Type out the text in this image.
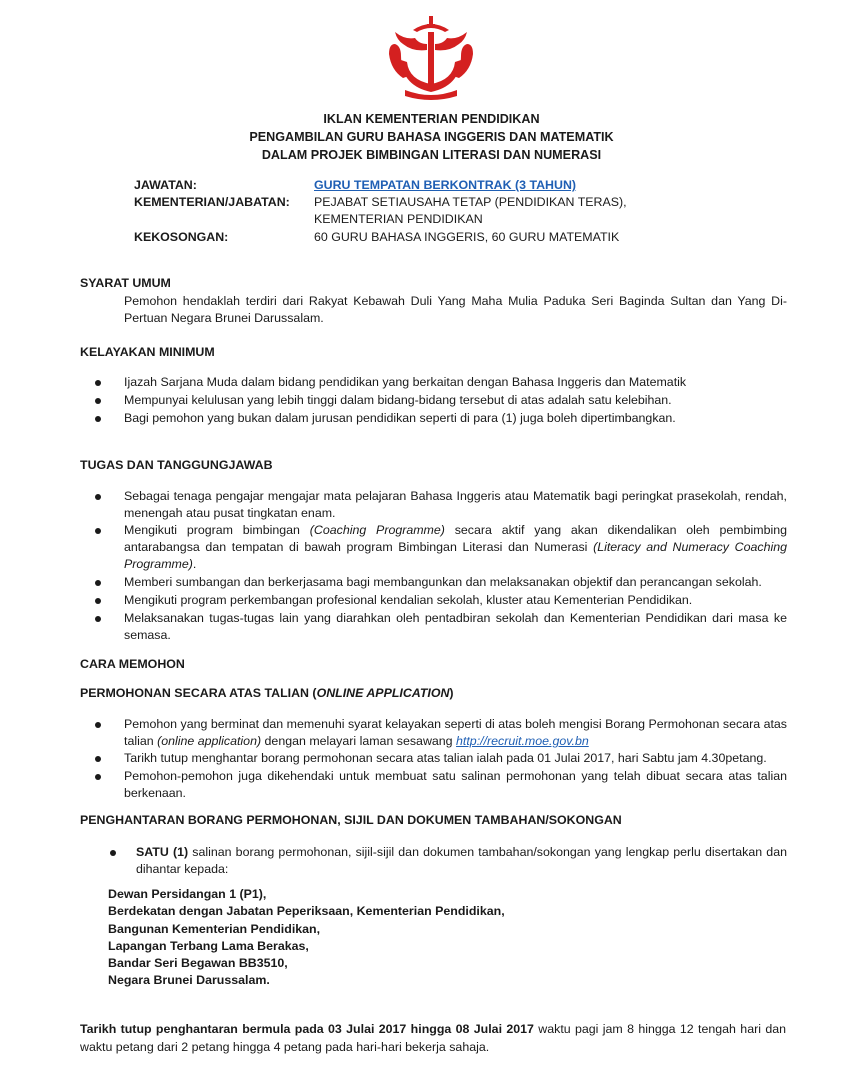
IKLAN KEMENTERIAN PENDIDIKAN
PENGAMBILAN GURU BAHASA INGGERIS DAN MATEMATIK
DALAM PROJEK BIMBINGAN LITERASI DAN NUMERASI
JAWATAN:	GURU TEMPATAN BERKONTRAK (3 TAHUN)
KEMENTERIAN/JABATAN: PEJABAT SETIAUSAHA TETAP (PENDIDIKAN TERAS),
KEMENTERIAN PENDIDIKAN
KEKOSONGAN:	60 GURU BAHASA INGGERIS, 60 GURU MATEMATIK
SYARAT UMUM
Pemohon hendaklah terdiri dari Rakyat Kebawah Duli Yang Maha Mulia Paduka Seri Baginda Sultan dan Yang Di-Pertuan Negara Brunei Darussalam.
KELAYAKAN MINIMUM
Ijazah Sarjana Muda dalam bidang pendidikan yang berkaitan dengan Bahasa Inggeris dan Matematik
Mempunyai kelulusan yang lebih tinggi dalam bidang-bidang tersebut di atas adalah satu kelebihan.
Bagi pemohon yang bukan dalam jurusan pendidikan seperti di para (1) juga boleh dipertimbangkan.
TUGAS DAN TANGGUNGJAWAB
Sebagai tenaga pengajar mengajar mata pelajaran Bahasa Inggeris atau Matematik bagi peringkat prasekolah, rendah, menengah atau pusat tingkatan enam.
Mengikuti program bimbingan (Coaching Programme) secara aktif yang akan dikendalikan oleh pembimbing antarabangsa dan tempatan di bawah program Bimbingan Literasi dan Numerasi (Literacy and Numeracy Coaching Programme).
Memberi sumbangan dan berkerjasama bagi membangunkan dan melaksanakan objektif dan perancangan sekolah.
Mengikuti program perkembangan profesional kendalian sekolah, kluster atau Kementerian Pendidikan.
Melaksanakan tugas-tugas lain yang diarahkan oleh pentadbiran sekolah dan Kementerian Pendidikan dari masa ke semasa.
CARA MEMOHON
PERMOHONAN SECARA ATAS TALIAN (ONLINE APPLICATION)
Pemohon yang berminat dan memenuhi syarat kelayakan seperti di atas boleh mengisi Borang Permohonan secara atas talian (online application) dengan melayari laman sesawang http://recruit.moe.gov.bn
Tarikh tutup menghantar borang permohonan secara atas talian ialah pada 01 Julai 2017, hari Sabtu jam 4.30petang.
Pemohon-pemohon juga dikehendaki untuk membuat satu salinan permohonan yang telah dibuat secara atas talian berkenaan.
PENGHANTARAN BORANG PERMOHONAN, SIJIL DAN DOKUMEN TAMBAHAN/SOKONGAN
SATU (1) salinan borang permohonan, sijil-sijil dan dokumen tambahan/sokongan yang lengkap perlu disertakan dan dihantar kepada:
Dewan Persidangan 1 (P1),
Berdekatan dengan Jabatan Peperiksaan, Kementerian Pendidikan,
Bangunan Kementerian Pendidikan,
Lapangan Terbang Lama Berakas,
Bandar Seri Begawan BB3510,
Negara Brunei Darussalam.
Tarikh tutup penghantaran bermula pada 03 Julai 2017 hingga 08 Julai 2017 waktu pagi jam 8 hingga 12 tengah hari dan waktu petang dari 2 petang hingga 4 petang pada hari-hari bekerja sahaja.
